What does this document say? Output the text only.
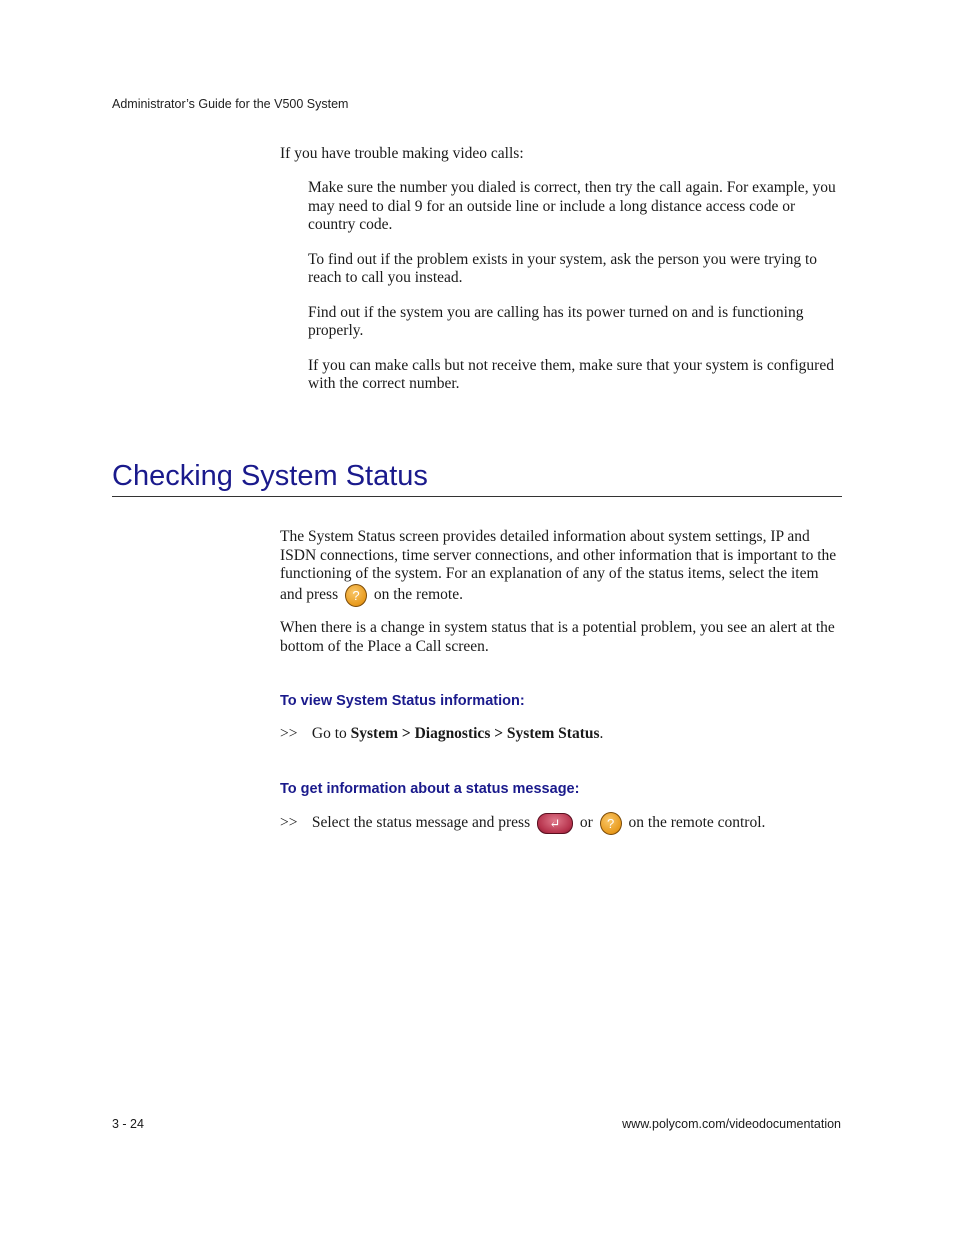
Administrator’s Guide for the V500 System
If you have trouble making video calls:

Make sure the number you dialed is correct, then try the call again. For example, you may need to dial 9 for an outside line or include a long distance access code or country code.

To find out if the problem exists in your system, ask the person you were trying to reach to call you instead.

Find out if the system you are calling has its power turned on and is functioning properly.

If you can make calls but not receive them, make sure that your system is configured with the correct number.

Checking System Status

The System Status screen provides detailed information about system settings, IP and ISDN connections, time server connections, and other information that is important to the functioning of the system. For an explanation of any of the status items, select the item and press ? on the remote.

When there is a change in system status that is a potential problem, you see an alert at the bottom of the Place a Call screen.

To view System Status information:
>> Go to System > Diagnostics > System Status.
To get information about a status message:
>> Select the status message and press ↵ or ? on the remote control.
3 - 24	www.polycom.com/videodocumentation
